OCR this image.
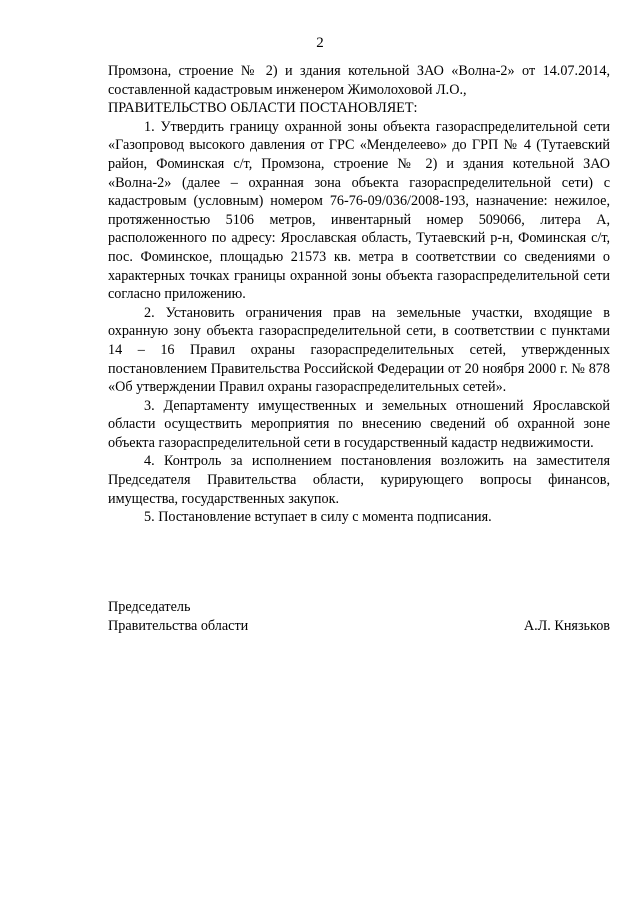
2

Промзона, строение № 2) и здания котельной ЗАО «Волна-2» от 14.07.2014, составленной кадастровым инженером Жимолоховой Л.О.,

ПРАВИТЕЛЬСТВО ОБЛАСТИ ПОСТАНОВЛЯЕТ:

1. Утвердить границу охранной зоны объекта газораспределительной сети «Газопровод высокого давления от ГРС «Менделеево» до ГРП № 4 (Тутаевский район, Фоминская с/т, Промзона, строение № 2) и здания котельной ЗАО «Волна-2» (далее – охранная зона объекта газораспределительной сети) с кадастровым (условным) номером 76-76-09/036/2008-193, назначение: нежилое, протяженностью 5106 метров, инвентарный номер 509066, литера А, расположенного по адресу: Ярославская область, Тутаевский р-н, Фоминская с/т, пос. Фоминское, площадью 21573 кв. метра в соответствии со сведениями о характерных точках границы охранной зоны объекта газораспределительной сети согласно приложению.

2. Установить ограничения прав на земельные участки, входящие в охранную зону объекта газораспределительной сети, в соответствии с пунктами 14 – 16 Правил охраны газораспределительных сетей, утвержденных постановлением Правительства Российской Федерации от 20 ноября 2000 г. № 878 «Об утверждении Правил охраны газораспределительных сетей».

3. Департаменту имущественных и земельных отношений Ярославской области осуществить мероприятия по внесению сведений об охранной зоне объекта газораспределительной сети в государственный кадастр недвижимости.

4. Контроль за исполнением постановления возложить на заместителя Председателя Правительства области, курирующего вопросы финансов, имущества, государственных закупок.

5. Постановление вступает в силу с момента подписания.

Председатель
Правительства области	А.Л. Князьков
